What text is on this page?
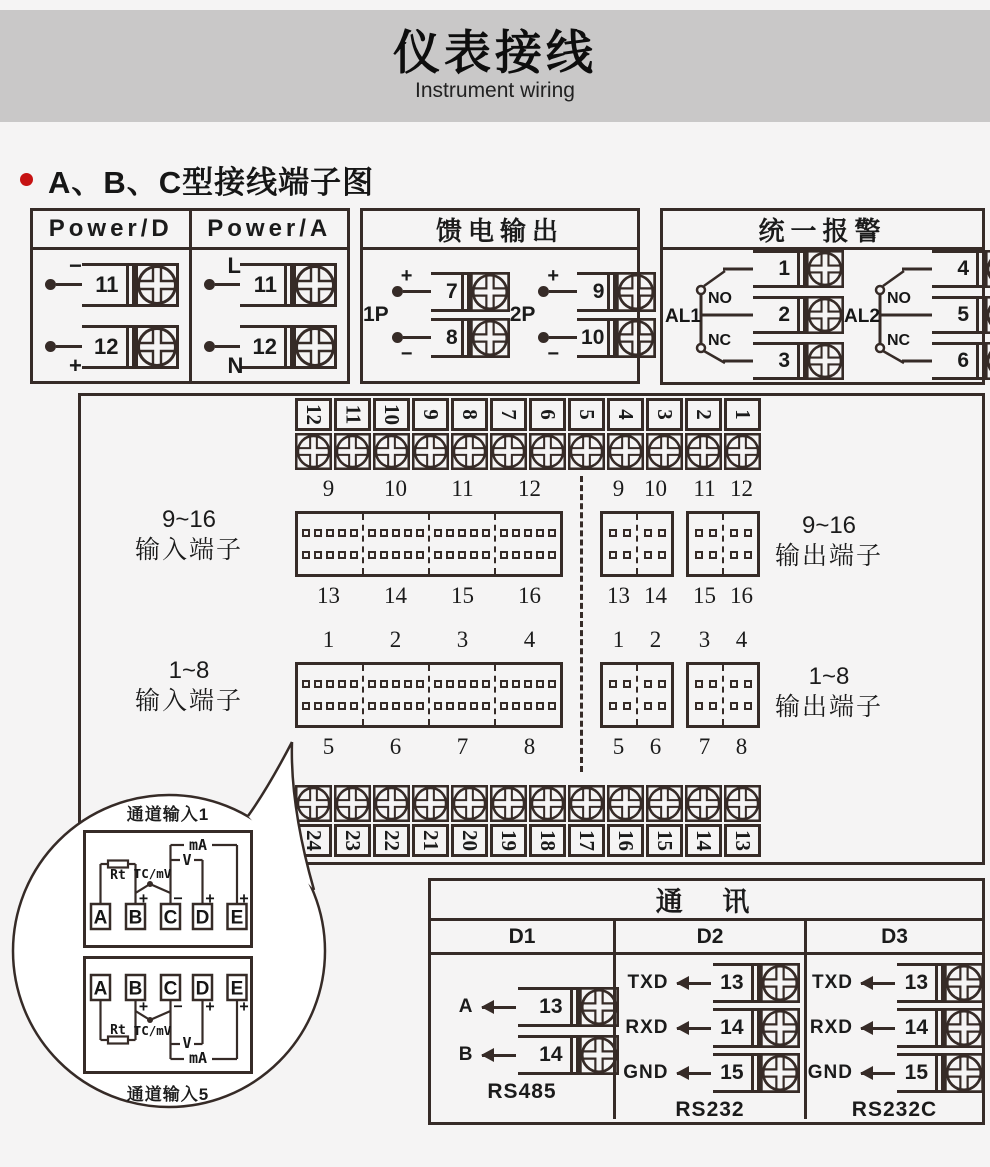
仪表接线
Instrument wiring
A、B、C型接线端子图
Power/D	Power/A
−
11
+
12
L
11
N
12
馈电输出
1P
+
7
−
8
2P
+
9
−
10
统一报警
NO
NC
AL1
1
2
3
NO
NC
AL2
4
5
6
12 11 10 9 8 7 6 5 4 3 2 1
24 23 22 21 20 19 18 17 16 15 14 13
9~16
输入端子
9	10	11	12
13	14	15	16
9 10	11 12
13 14	15 16
9~16
输出端子
1~8
输入端子
1	2	3	4
5	6	7	8
1	2	3	4
5	6	7	8
1~8
输出端子
通道输入1
A B C D E
+ − + +
Rt TC/mV
V
mA
A B C D E
+ − + +
Rt TC/mV
V
mA
通道输入5
通 讯
D1	D2	D3
A	13
B	14
RS485
TXD	13
RXD	14
GND	15
RS232
TXD	13
RXD	14
GND	15
RS232C
